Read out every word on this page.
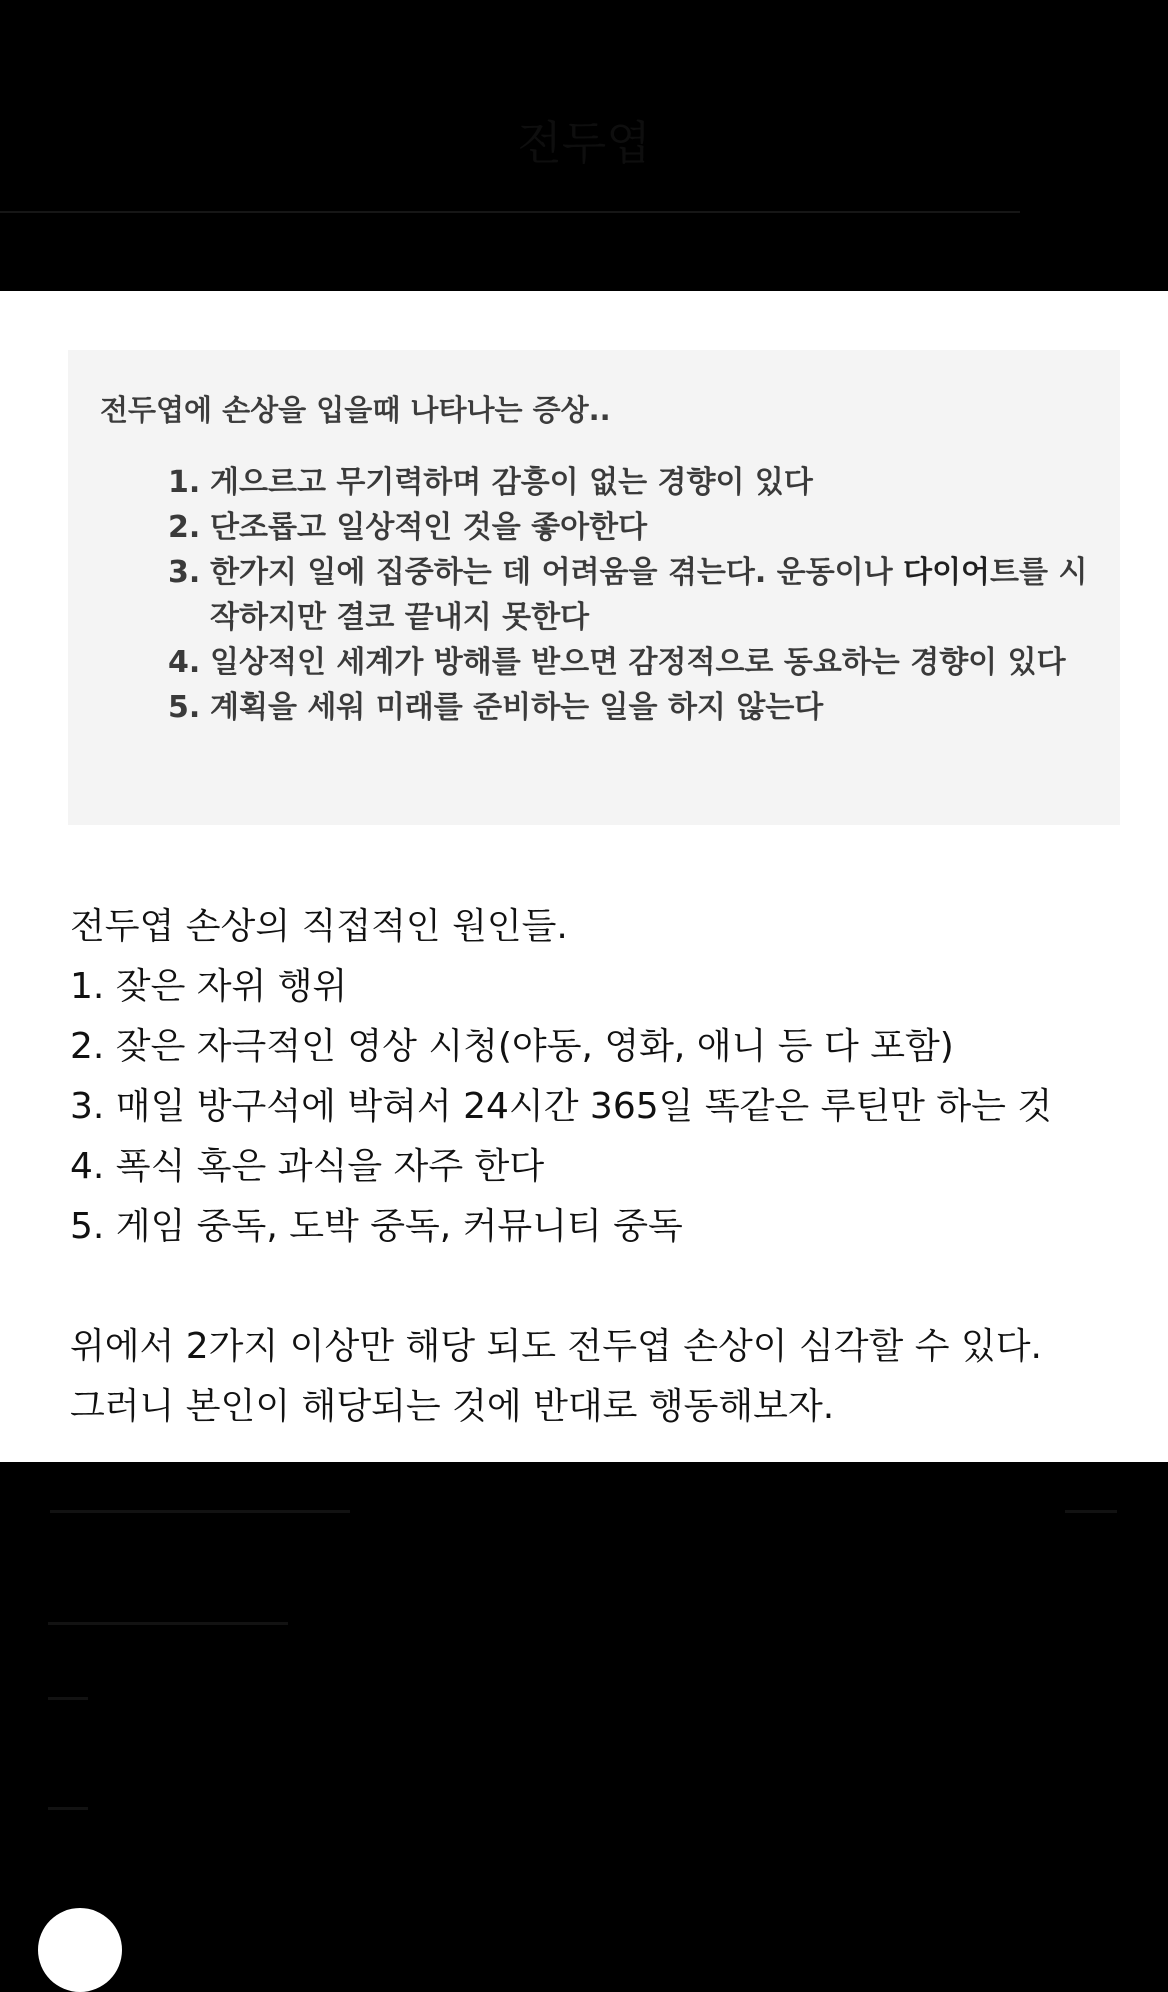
전두엽
전두엽에 손상을 입을때 나타나는 증상..
1. 게으르고 무기력하며 감흥이 없는 경향이 있다
2. 단조롭고 일상적인 것을 좋아한다
3. 한가지 일에 집중하는 데 어려움을 겪는다. 운동이나 다이어트를 시작하지만 결코 끝내지 못한다
4. 일상적인 세계가 방해를 받으면 감정적으로 동요하는 경향이 있다
5. 계획을 세워 미래를 준비하는 일을 하지 않는다
전두엽 손상의 직접적인 원인들.
1. 잦은 자위 행위
2. 잦은 자극적인 영상 시청(야동, 영화, 애니 등 다 포함)
3. 매일 방구석에 박혀서 24시간 365일 똑같은 루틴만 하는 것
4. 폭식 혹은 과식을 자주 한다
5. 게임 중독, 도박 중독, 커뮤니티 중독
위에서 2가지 이상만 해당 되도 전두엽 손상이 심각할 수 있다.
그러니 본인이 해당되는 것에 반대로 행동해보자.
